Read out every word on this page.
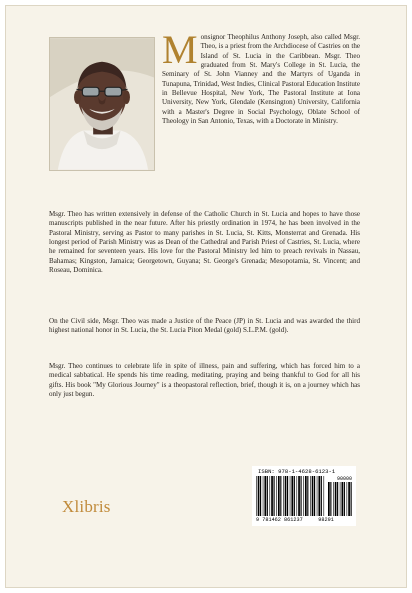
M onsignor Theophilus Anthony Joseph, also called Msgr. Theo, is a priest from the Archdiocese of Castries on the Island of St. Lucia in the Caribbean. Msgr. Theo graduated from St. Mary's College in St. Lucia, the Seminary of St. John Vianney and the Martyrs of Uganda in Tunapuna, Trinidad, West Indies, Clinical Pastoral Education Institute in Bellevue Hospital, New York, The Pastoral Institute at Iona University, New York, Glendale (Kensington) University, California with a Master's Degree in Social Psychology, Oblate School of Theology in San Antonio, Texas, with a Doctorate in Ministry.

Msgr. Theo has written extensively in defense of the Catholic Church in St. Lucia and hopes to have those manuscripts published in the near future. After his priestly ordination in 1974, he has been involved in the Pastoral Ministry, serving as Pastor to many parishes in St. Lucia, St. Kitts, Monsterrat and Grenada. His longest period of Parish Ministry was as Dean of the Cathedral and Parish Priest of Castries, St. Lucia, where he remained for seventeen years. His love for the Pastoral Ministry led him to preach revivals in Nassau, Bahamas; Kingston, Jamaica; Georgetown, Guyana; St. George's Grenada; Mesopotamia, St. Vincent; and Roseau, Dominica.

On the Civil side, Msgr. Theo was made a Justice of the Peace (JP) in St. Lucia and was awarded the third highest national honor in St. Lucia, the St. Lucia Piton Medal (gold) S.L.P.M. (gold).

Msgr. Theo continues to celebrate life in spite of illness, pain and suffering, which has forced him to a medical sabbatical. He spends his time reading, meditating, praying and being thankful to God for all his gifts. His book "My Glorious Journey" is a theopastoral reflection, brief, though it is, on a journey which has only just begun.

Xlibris
ISBN: 978-1-4628-6123-1
90000
9 781462 861237	98291
